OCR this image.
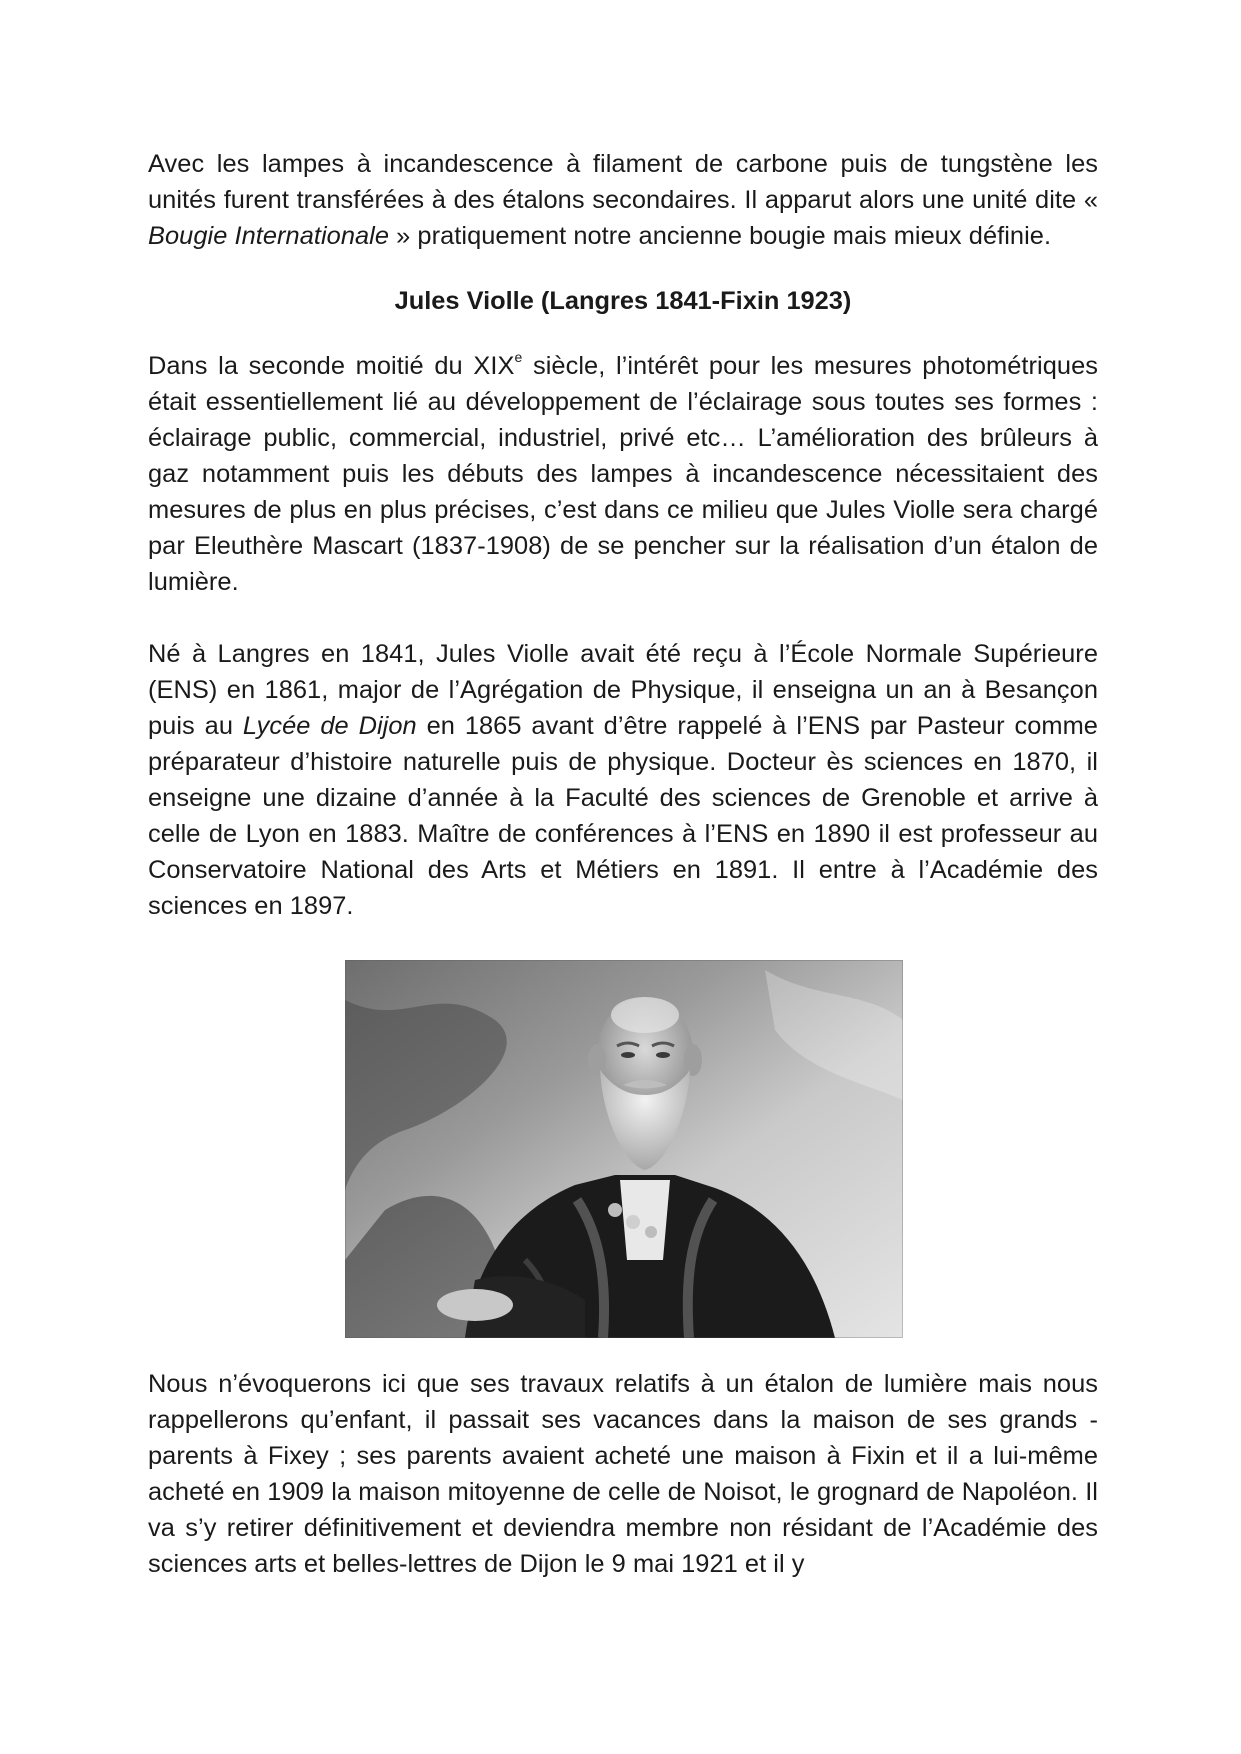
Avec les lampes à incandescence à filament de carbone puis de tungstène les unités furent transférées à des étalons secondaires. Il apparut alors une unité dite « Bougie Internationale » pratiquement notre ancienne bougie mais mieux définie.

Jules Violle (Langres 1841-Fixin 1923)

Dans la seconde moitié du XIXe siècle, l’intérêt pour les mesures photométriques était essentiellement lié au développement de l’éclairage sous toutes ses formes : éclairage public, commercial, industriel, privé etc… L’amélioration des brûleurs à gaz notamment puis les débuts des lampes à incandescence nécessitaient des mesures de plus en plus précises, c’est dans ce milieu que Jules Violle sera chargé par Eleuthère Mascart (1837-1908) de se pencher sur la réalisation d’un étalon de lumière.

Né à Langres en 1841, Jules Violle avait été reçu à l’École Normale Supérieure (ENS) en 1861, major de l’Agrégation de Physique, il enseigna un an à Besançon puis au Lycée de Dijon en 1865 avant d’être rappelé à l’ENS par Pasteur comme préparateur d’histoire naturelle puis de physique. Docteur ès sciences en 1870, il enseigne une dizaine d’année à la Faculté des sciences de Grenoble et arrive à celle de Lyon en 1883. Maître de conférences à l’ENS en 1890 il est professeur au Conservatoire National des Arts et Métiers en 1891. Il entre à l’Académie des sciences en 1897.

Nous n’évoquerons ici que ses travaux relatifs à un étalon de lumière mais nous rappellerons qu’enfant, il passait ses vacances dans la maison de ses grands - parents à Fixey ; ses parents avaient acheté une maison à Fixin et il a lui-même acheté en 1909 la maison mitoyenne de celle de Noisot, le grognard de Napoléon. Il va s’y retirer définitivement et deviendra membre non résidant de l’Académie des sciences arts et belles-lettres de Dijon le 9 mai 1921 et il y
